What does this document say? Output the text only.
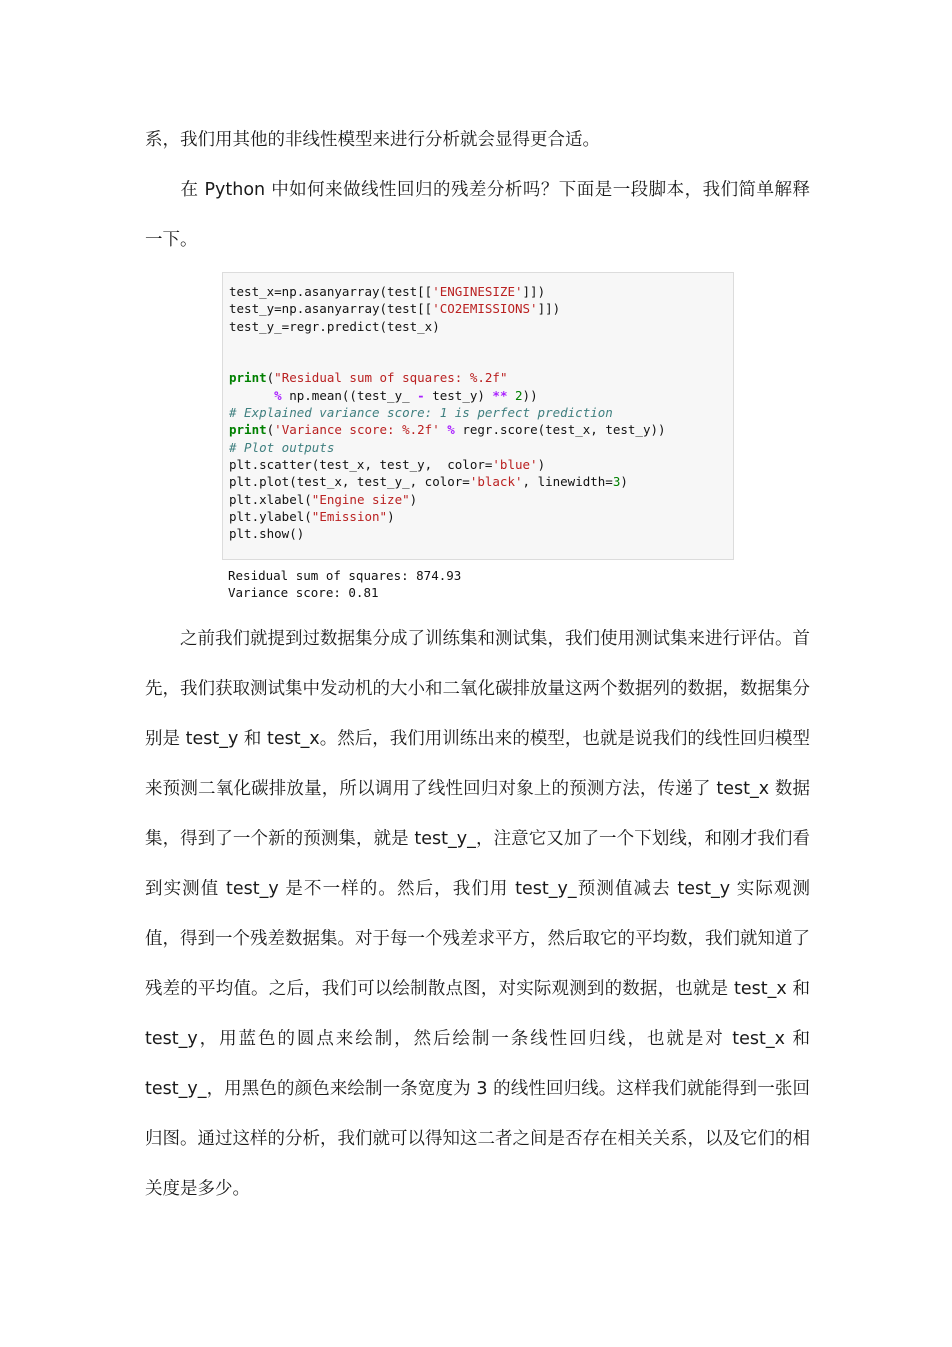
系，我们用其他的非线性模型来进行分析就会显得更合适。

在 Python 中如何来做线性回归的残差分析吗？下面是一段脚本，我们简单解释一下。

test_x=np.asanyarray(test[['ENGINESIZE']])
test_y=np.asanyarray(test[['CO2EMISSIONS']])
test_y_=regr.predict(test_x)
print("Residual sum of squares: %.2f"
% np.mean((test_y_ - test_y) ** 2))
# Explained variance score: 1 is perfect prediction
print('Variance score: %.2f' % regr.score(test_x, test_y))
# Plot outputs
plt.scatter(test_x, test_y,  color='blue')
plt.plot(test_x, test_y_, color='black', linewidth=3)
plt.xlabel("Engine size")
plt.ylabel("Emission")
plt.show()
Residual sum of squares: 874.93
Variance score: 0.81

之前我们就提到过数据集分成了训练集和测试集，我们使用测试集来进行评估。首先，我们获取测试集中发动机的大小和二氧化碳排放量这两个数据列的数据，数据集分别是 test_y 和 test_x。然后，我们用训练出来的模型，也就是说我们的线性回归模型来预测二氧化碳排放量，所以调用了线性回归对象上的预测方法，传递了 test_x 数据集，得到了一个新的预测集，就是 test_y_，注意它又加了一个下划线，和刚才我们看到实测值 test_y 是不一样的。然后，我们用 test_y_预测值减去 test_y 实际观测值，得到一个残差数据集。对于每一个残差求平方，然后取它的平均数，我们就知道了残差的平均值。之后，我们可以绘制散点图，对实际观测到的数据，也就是 test_x 和 test_y，用蓝色的圆点来绘制，然后绘制一条线性回归线，也就是对 test_x 和 test_y_，用黑色的颜色来绘制一条宽度为 3 的线性回归线。这样我们就能得到一张回归图。通过这样的分析，我们就可以得知这二者之间是否存在相关关系，以及它们的相关度是多少。
